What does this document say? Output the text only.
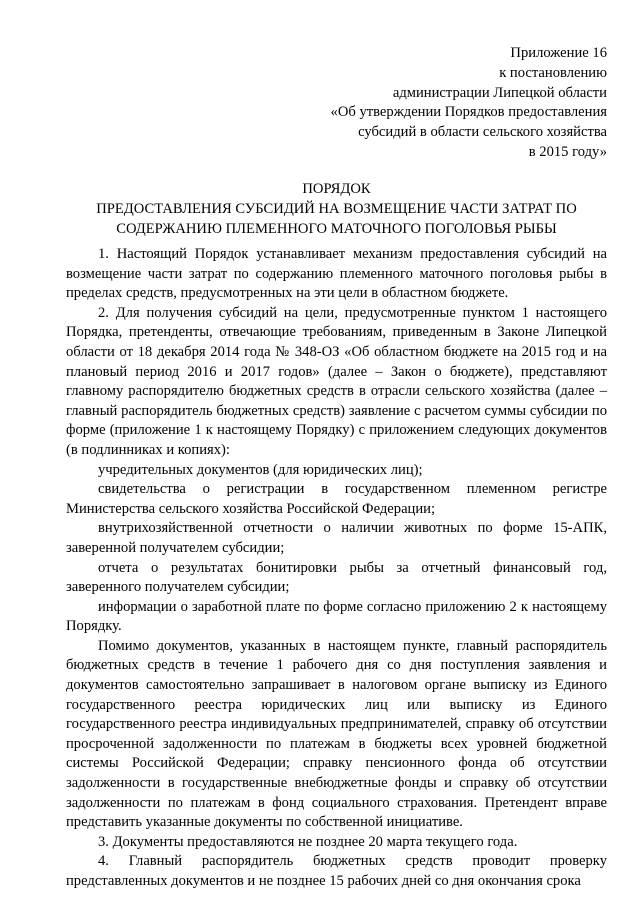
Приложение 16
к постановлению
администрации Липецкой области
«Об утверждении Порядков предоставления
субсидий в области сельского хозяйства
в 2015 году»
ПОРЯДОК
ПРЕДОСТАВЛЕНИЯ СУБСИДИЙ НА ВОЗМЕЩЕНИЕ ЧАСТИ ЗАТРАТ ПО
СОДЕРЖАНИЮ ПЛЕМЕННОГО МАТОЧНОГО ПОГОЛОВЬЯ РЫБЫ

1. Настоящий Порядок устанавливает механизм предоставления субсидий на возмещение части затрат по содержанию племенного маточного поголовья рыбы в пределах средств, предусмотренных на эти цели в областном бюджете.

2. Для получения субсидий на цели, предусмотренные пунктом 1 настоящего Порядка, претенденты, отвечающие требованиям, приведенным в Законе Липецкой области от 18 декабря 2014 года № 348-ОЗ «Об областном бюджете на 2015 год и на плановый период 2016 и 2017 годов» (далее – Закон о бюджете), представляют главному распорядителю бюджетных средств в отрасли сельского хозяйства (далее – главный распорядитель бюджетных средств) заявление с расчетом суммы субсидии по форме (приложение 1 к настоящему Порядку) с приложением следующих документов (в подлинниках и копиях):

учредительных документов (для юридических лиц);

свидетельства о регистрации в государственном племенном регистре Министерства сельского хозяйства Российской Федерации;

внутрихозяйственной отчетности о наличии животных по форме 15-АПК, заверенной получателем субсидии;

отчета о результатах бонитировки рыбы за отчетный финансовый год, заверенного получателем субсидии;

информации о заработной плате по форме согласно приложению 2 к настоящему Порядку.

Помимо документов, указанных в настоящем пункте, главный распорядитель бюджетных средств в течение 1 рабочего дня со дня поступления заявления и документов самостоятельно запрашивает в налоговом органе выписку из Единого государственного реестра юридических лиц или выписку из Единого государственного реестра индивидуальных предпринимателей, справку об отсутствии просроченной задолженности по платежам в бюджеты всех уровней бюджетной системы Российской Федерации; справку пенсионного фонда об отсутствии задолженности в государственные внебюджетные фонды и справку об отсутствии задолженности по платежам в фонд социального страхования. Претендент вправе представить указанные документы по собственной инициативе.

3. Документы предоставляются не позднее 20 марта текущего года.

4. Главный распорядитель бюджетных средств проводит проверку представленных документов и не позднее 15 рабочих дней со дня окончания срока
